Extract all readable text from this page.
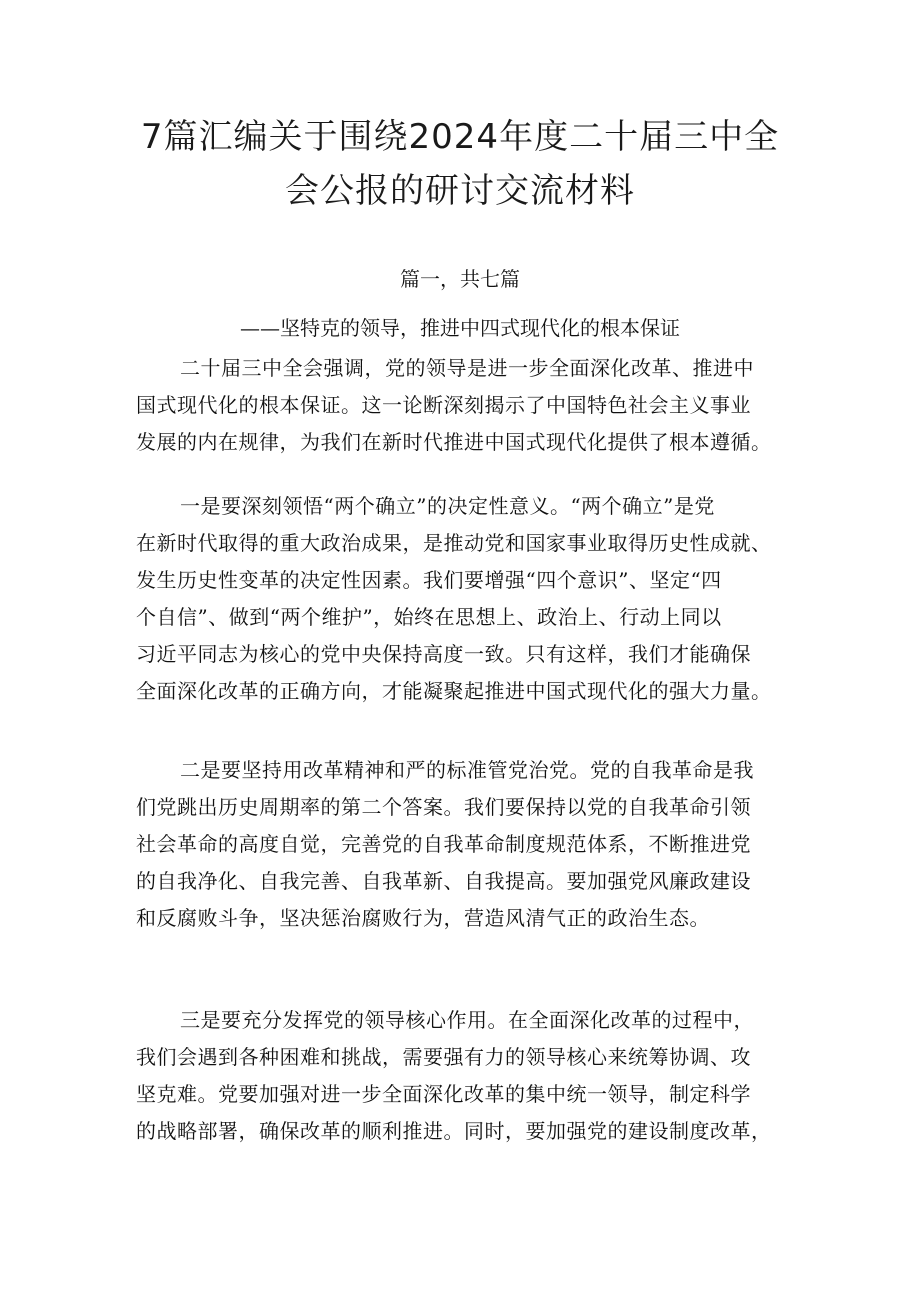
7篇汇编关于围绕2024年度二十届三中全
会公报的研讨交流材料
篇一，共七篇
——坚特克的领导，推进中四式现代化的根本保证
二十届三中全会强调，党的领导是进一步全面深化改革、推进中
国式现代化的根本保证。这一论断深刻揭示了中国特色社会主义事业
发展的内在规律，为我们在新时代推进中国式现代化提供了根本遵循。
一是要深刻领悟“两个确立”的决定性意义。“两个确立”是党
在新时代取得的重大政治成果，是推动党和国家事业取得历史性成就、
发生历史性变革的决定性因素。我们要增强“四个意识”、坚定“四
个自信”、做到“两个维护”，始终在思想上、政治上、行动上同以
习近平同志为核心的党中央保持高度一致。只有这样，我们才能确保
全面深化改革的正确方向，才能凝聚起推进中国式现代化的强大力量。
二是要坚持用改革精神和严的标准管党治党。党的自我革命是我
们党跳出历史周期率的第二个答案。我们要保持以党的自我革命引领
社会革命的高度自觉，完善党的自我革命制度规范体系，不断推进党
的自我净化、自我完善、自我革新、自我提高。要加强党风廉政建设
和反腐败斗争，坚决惩治腐败行为，营造风清气正的政治生态。
三是要充分发挥党的领导核心作用。在全面深化改革的过程中，
我们会遇到各种困难和挑战，需要强有力的领导核心来统筹协调、攻
坚克难。党要加强对进一步全面深化改革的集中统一领导，制定科学
的战略部署，确保改革的顺利推进。同时，要加强党的建设制度改革，
